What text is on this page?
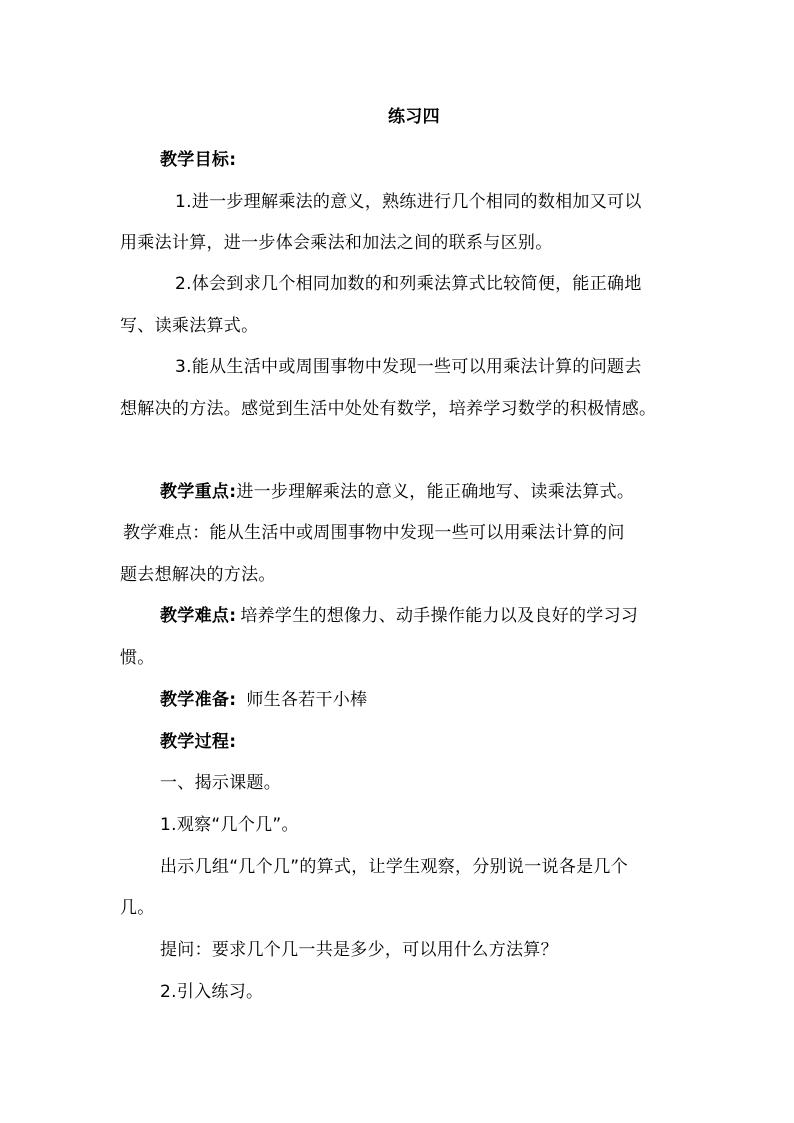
练习四
教学目标:
1.进一步理解乘法的意义，熟练进行几个相同的数相加又可以
用乘法计算，进一步体会乘法和加法之间的联系与区别。
2.体会到求几个相同加数的和列乘法算式比较简便，能正确地
写、读乘法算式。
3.能从生活中或周围事物中发现一些可以用乘法计算的问题去
想解决的方法。感觉到生活中处处有数学，培养学习数学的积极情感。
教学重点:进一步理解乘法的意义，能正确地写、读乘法算式。
教学难点：能从生活中或周围事物中发现一些可以用乘法计算的问
题去想解决的方法。
教学难点: 培养学生的想像力、动手操作能力以及良好的学习习
惯。
教学准备: 师生各若干小棒
教学过程:
一、揭示课题。
1.观察“几个几”。
出示几组“几个几”的算式，让学生观察，分别说一说各是几个
几。
提问：要求几个几一共是多少，可以用什么方法算？
2.引入练习。
